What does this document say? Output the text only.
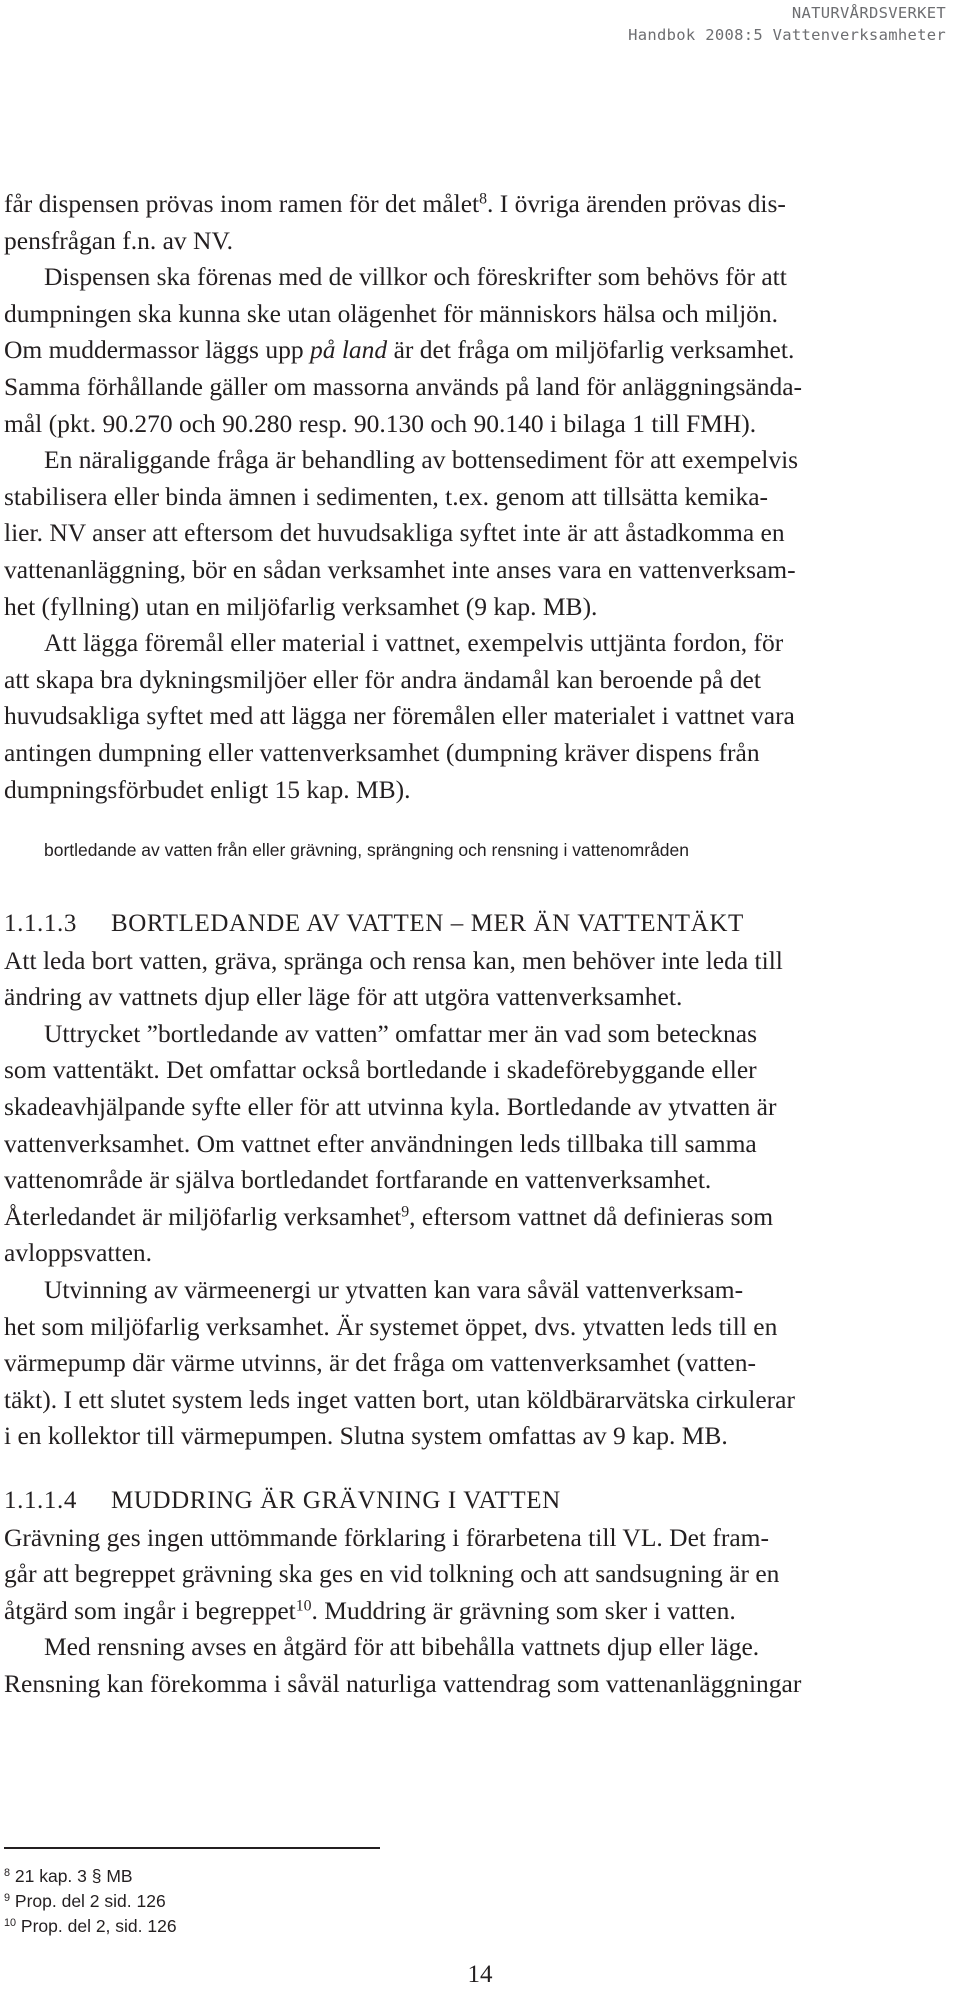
NATURVÅRDSVERKET
Handbok 2008:5 Vattenverksamheter

får dispensen prövas inom ramen för det målet$^8$. I övriga ärenden prövas dis-

pensfrågan f.n. av NV.

Dispensen ska förenas med de villkor och föreskrifter som behövs för att

dumpningen ska kunna ske utan olägenhet för människors hälsa och miljön.

Om muddermassor läggs upp på land är det fråga om miljöfarlig verksamhet.

Samma förhållande gäller om massorna används på land för anläggningsända-

mål (pkt. 90.270 och 90.280 resp. 90.130 och 90.140 i bilaga 1 till FMH).

En näraliggande fråga är behandling av bottensediment för att exempelvis

stabilisera eller binda ämnen i sedimenten, t.ex. genom att tillsätta kemika-

lier. NV anser att eftersom det huvudsakliga syftet inte är att åstadkomma en

vattenanläggning, bör en sådan verksamhet inte anses vara en vattenverksam-

het (fyllning) utan en miljöfarlig verksamhet (9 kap. MB).

Att lägga föremål eller material i vattnet, exempelvis uttjänta fordon, för

att skapa bra dykningsmiljöer eller för andra ändamål kan beroende på det

huvudsakliga syftet med att lägga ner föremålen eller materialet i vattnet vara

antingen dumpning eller vattenverksamhet (dumpning kräver dispens från

dumpningsförbudet enligt 15 kap. MB).

bortledande av vatten från eller grävning, sprängning och rensning i vattenområden
1.1.1.3 BORTLEDANDE AV VATTEN – MER ÄN VATTENTÄKT

Att leda bort vatten, gräva, spränga och rensa kan, men behöver inte leda till

ändring av vattnets djup eller läge för att utgöra vattenverksamhet.

Uttrycket ”bortledande av vatten” omfattar mer än vad som betecknas

som vattentäkt. Det omfattar också bortledande i skadeförebyggande eller

skadeavhjälpande syfte eller för att utvinna kyla. Bortledande av ytvatten är

vattenverksamhet. Om vattnet efter användningen leds tillbaka till samma

vattenområde är själva bortledandet fortfarande en vattenverksamhet.

Återledandet är miljöfarlig verksamhet$^9$, eftersom vattnet då definieras som

avloppsvatten.

Utvinning av värmeenergi ur ytvatten kan vara såväl vattenverksam-

het som miljöfarlig verksamhet. Är systemet öppet, dvs. ytvatten leds till en

värmepump där värme utvinns, är det fråga om vattenverksamhet (vatten-

täkt). I ett slutet system leds inget vatten bort, utan köldbärarvätska cirkulerar

i en kollektor till värmepumpen. Slutna system omfattas av 9 kap. MB.

1.1.1.4 MUDDRING ÄR GRÄVNING I VATTEN

Grävning ges ingen uttömmande förklaring i förarbetena till VL. Det fram-

går att begreppet grävning ska ges en vid tolkning och att sandsugning är en

åtgärd som ingår i begreppet$^{10}$. Muddring är grävning som sker i vatten.

Med rensning avses en åtgärd för att bibehålla vattnets djup eller läge.

Rensning kan förekomma i såväl naturliga vattendrag som vattenanläggningar

$^8$ 21 kap. 3 § MB
$^9$ Prop. del 2 sid. 126
$^{10}$ Prop. del 2, sid. 126
14
